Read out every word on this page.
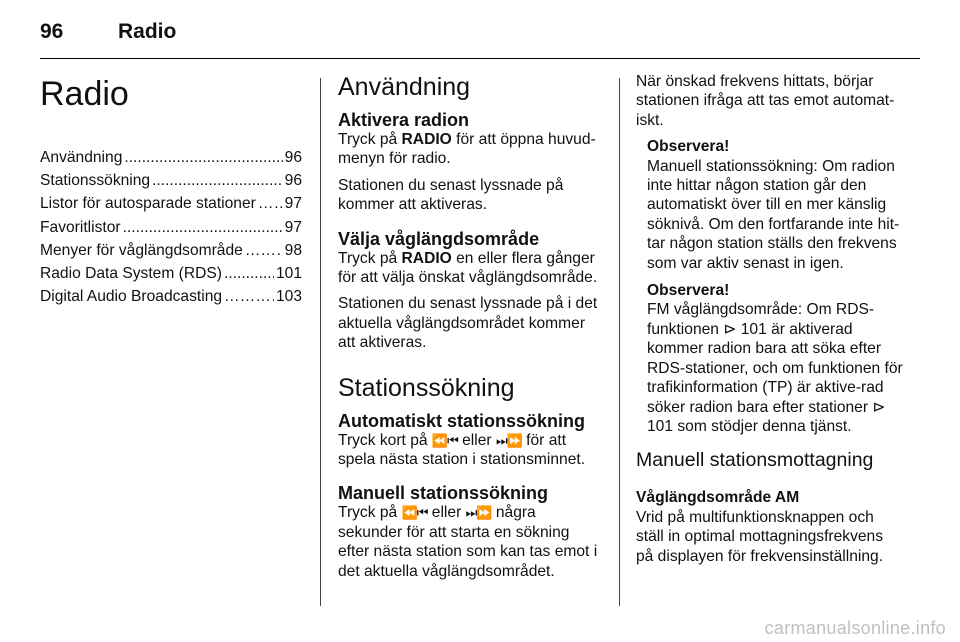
96	Radio
Radio
Användning .....	96
Stationssökning .....	96
Listor för autosparade stationer …………………………………………………………………… 97
Favoritlistor .....	97
Menyer för våglängdsområde ……………………………………………………………………	98
Radio Data System (RDS) .....	101
Digital Audio Broadcasting ……………………………………………………………………	103
Användning
Aktivera radion

Tryck på RADIO för att öppna huvud-menyn för radio.

Stationen du senast lyssnade på kommer att aktiveras.

Välja våglängdsområde

Tryck på RADIO en eller flera gånger för att välja önskat våglängdsområde.

Stationen du senast lyssnade på i det aktuella våglängdsområdet kommer att aktiveras.

Stationssökning
Automatiskt stationssökning

Tryck kort på ⏪⏮ eller ⏭⏩ för att spela nästa station i stationsminnet.

Manuell stationssökning

Tryck på ⏪⏮ eller ⏭⏩ några sekunder för att starta en sökning efter nästa station som kan tas emot i det aktuella våglängdsområdet.

När önskad frekvens hittats, börjar stationen ifråga att tas emot automat-iskt.

Observera!

Manuell stationssökning: Om radion inte hittar någon station går den automatiskt över till en mer känslig söknivå. Om den fortfarande inte hit-tar någon station ställs den frekvens som var aktiv senast in igen.

Observera!

FM våglängdsområde: Om RDS-funktionen ⊳ 101 är aktiverad kommer radion bara att söka efter RDS-stationer, och om funktionen för trafikinformation (TP) är aktive-rad söker radion bara efter stationer ⊳ 101 som stödjer denna tjänst.

Manuell stationsmottagning
Våglängdsområde AM

Vrid på multifunktionsknappen och ställ in optimal mottagningsfrekvens på displayen för frekvensinställning.

carmanualsonline.info
